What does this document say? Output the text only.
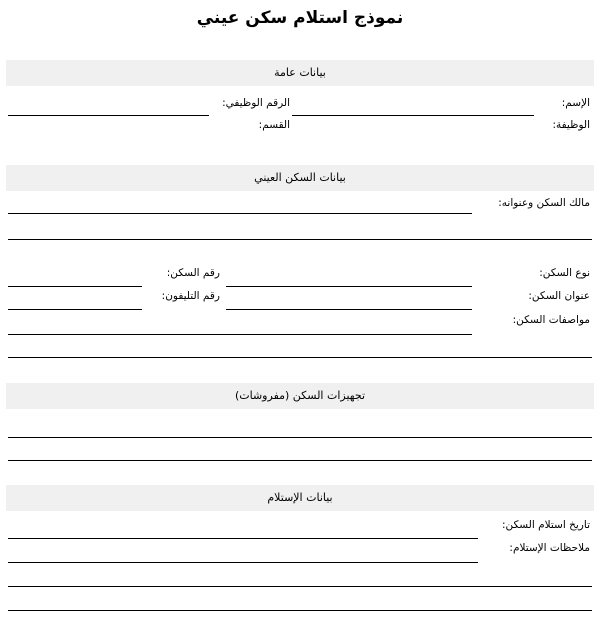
نموذج استلام سكن عيني
بيانات عامة
الإسم:
الرقم الوظيفي:
الوظيفة:
القسم:
بيانات السكن العيني
مالك السكن وعنوانه:
نوع السكن:
رقم السكن:
عنوان السكن:
رقم التليفون:
مواصفات السكن:
تجهيزات السكن (مفروشات)
بيانات الإستلام
تاريخ استلام السكن:
ملاحظات الإستلام:
